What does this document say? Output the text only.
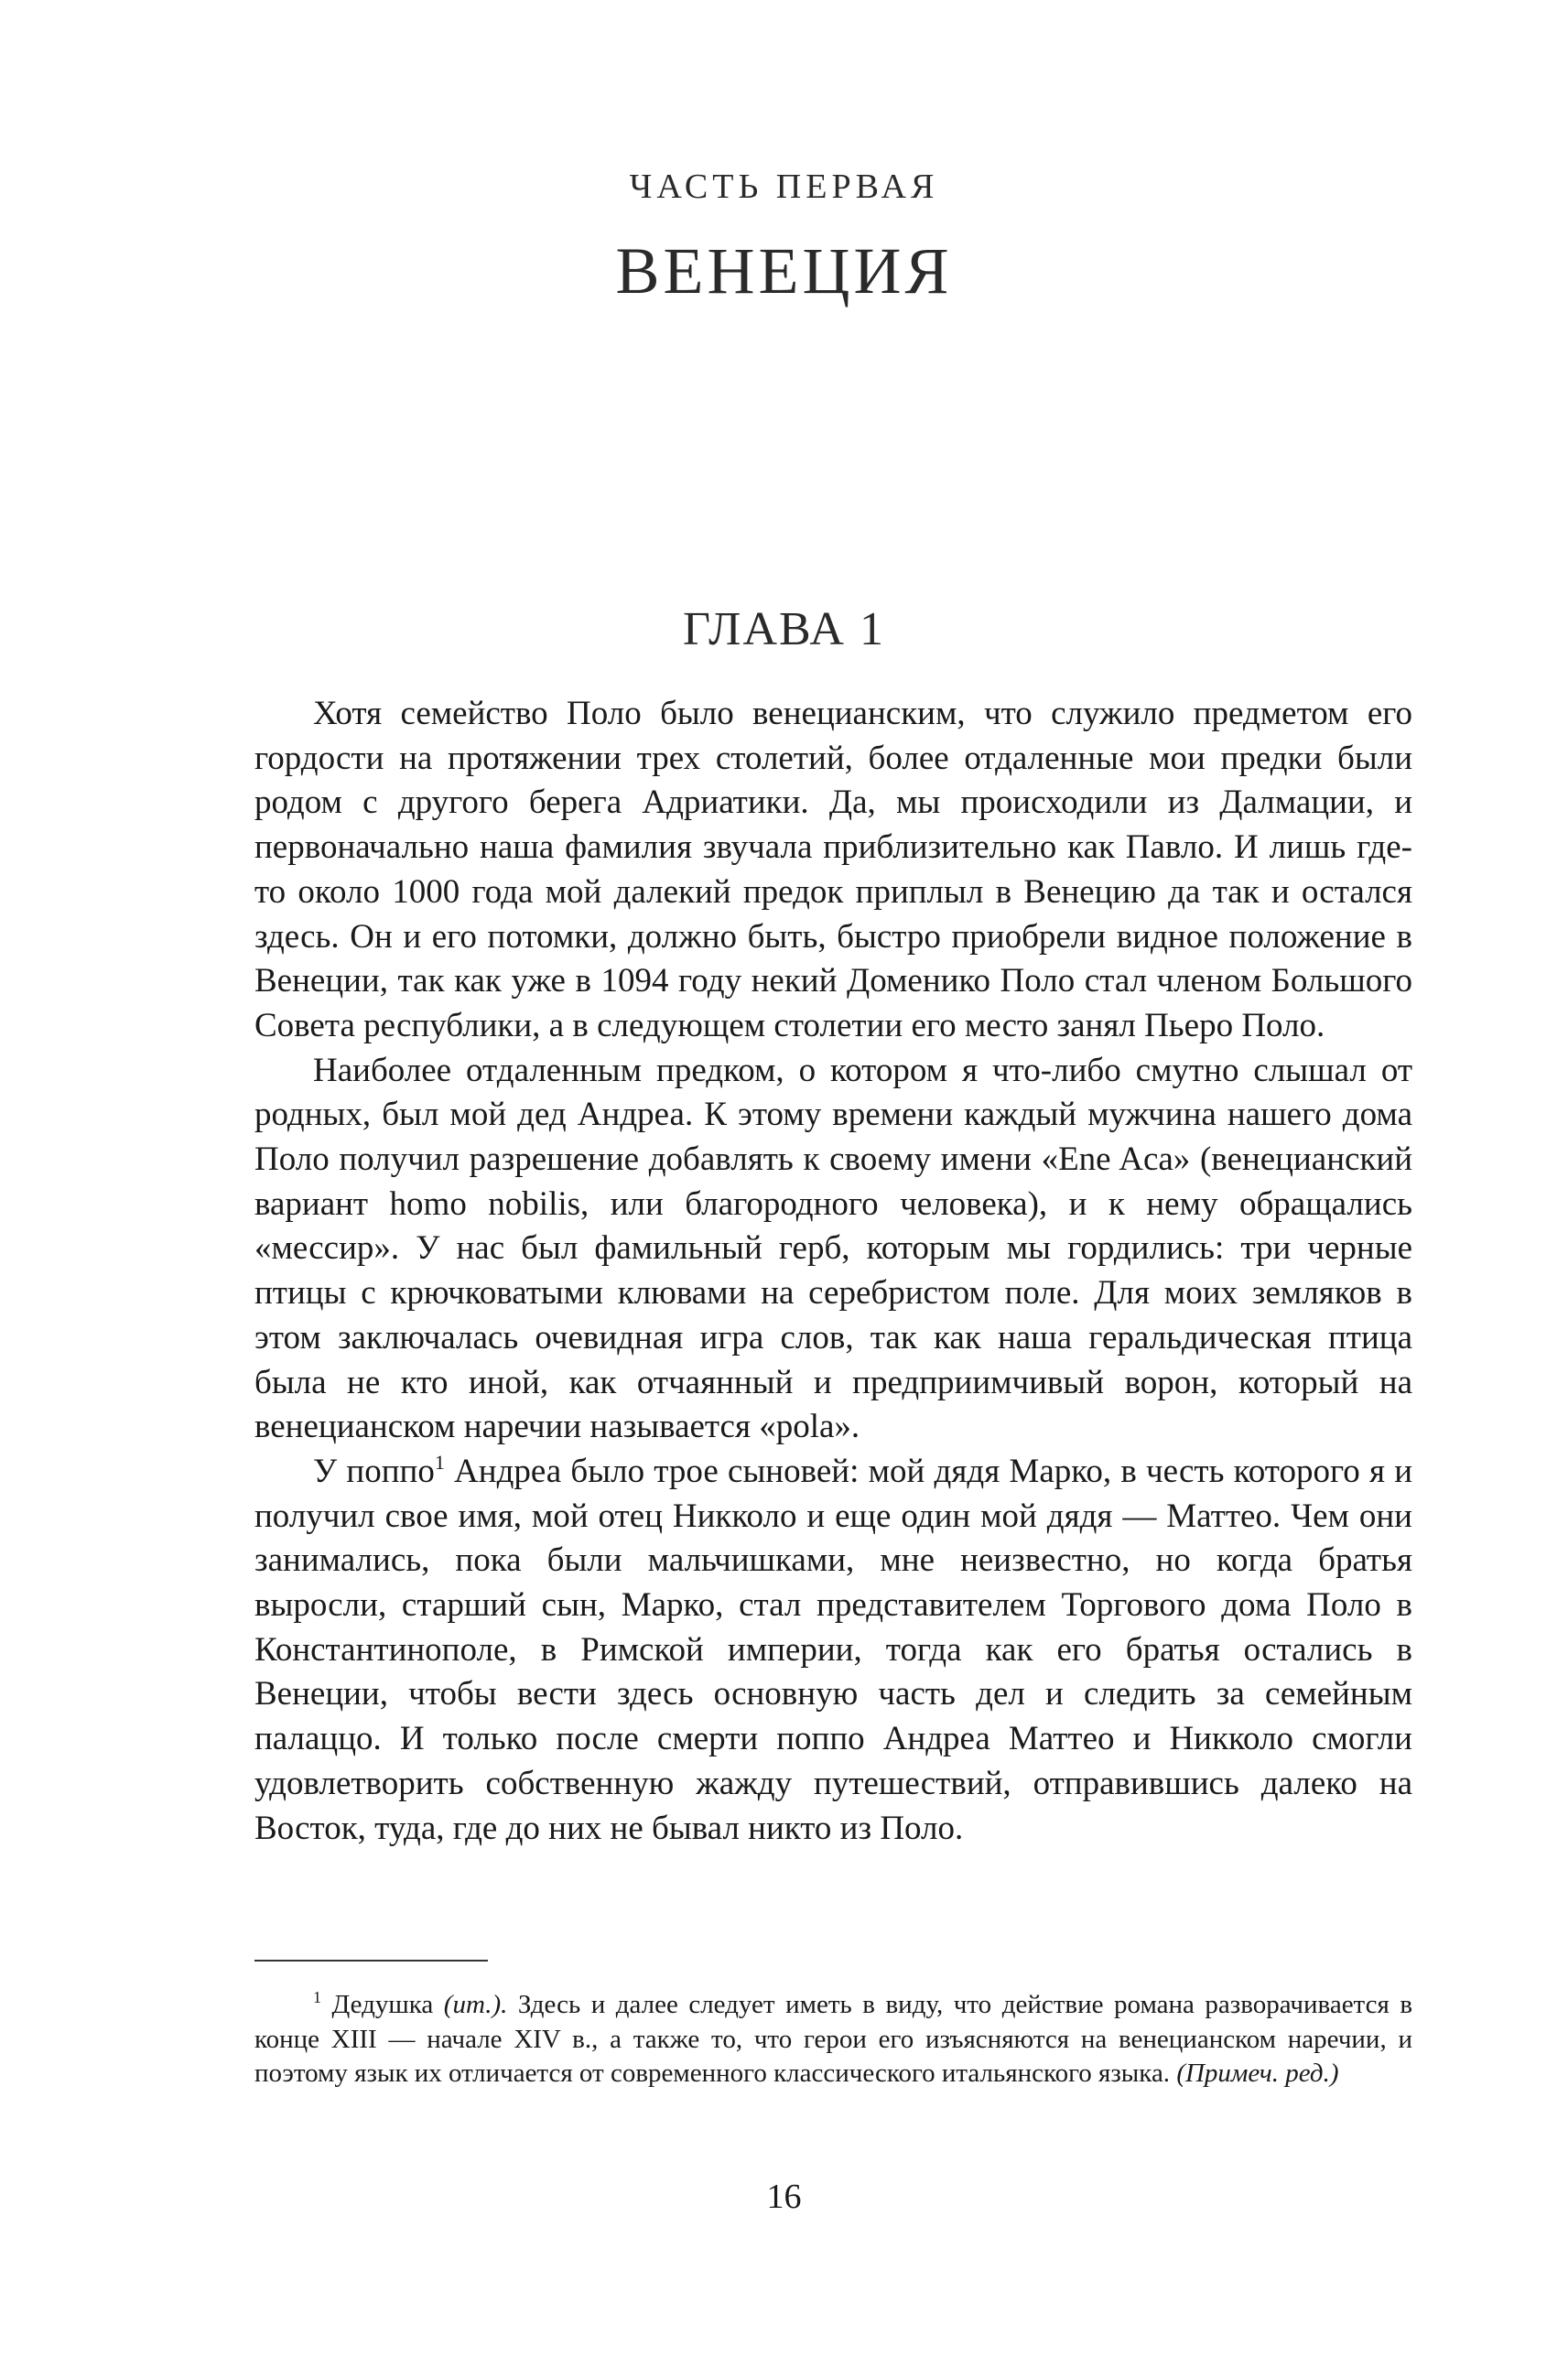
ЧАСТЬ ПЕРВАЯ
ВЕНЕЦИЯ
ГЛАВА 1

Хотя семейство Поло было венецианским, что служило предметом его гордости на протяжении трех столетий, более отдаленные мои предки были родом с другого берега Адриатики. Да, мы происходили из Далмации, и первоначально наша фамилия звучала приблизительно как Павло. И лишь где-то около 1000 года мой далекий предок приплыл в Венецию да так и остался здесь. Он и его потомки, должно быть, быстро приобрели видное положение в Венеции, так как уже в 1094 году некий Доменико Поло стал членом Большого Совета республики, а в следующем столетии его место занял Пьеро Поло.

Наиболее отдаленным предком, о котором я что-либо смутно слышал от родных, был мой дед Андреа. К этому времени каждый мужчина нашего дома Поло получил разрешение добавлять к своему имени «Ene Aca» (венецианский вариант homo nobilis, или благородного человека), и к нему обращались «мессир». У нас был фамильный герб, которым мы гордились: три черные птицы с крючковатыми клювами на серебристом поле. Для моих земляков в этом заключалась очевидная игра слов, так как наша геральдическая птица была не кто иной, как отчаянный и предприимчивый ворон, который на венецианском наречии называется «pola».

У поппо$^1$ Андреа было трое сыновей: мой дядя Марко, в честь которого я и получил свое имя, мой отец Никколо и еще один мой дядя — Маттео. Чем они занимались, пока были мальчишками, мне неизвестно, но когда братья выросли, старший сын, Марко, стал представителем Торгового дома Поло в Константинополе, в Римской империи, тогда как его братья остались в Венеции, чтобы вести здесь основную часть дел и следить за семейным палаццо. И только после смерти поппо Андреа Маттео и Никколо смогли удовлетворить собственную жажду путешествий, отправившись далеко на Восток, туда, где до них не бывал никто из Поло.

$^1$ Дедушка (ит.). Здесь и далее следует иметь в виду, что действие романа разворачивается в конце XIII — начале XIV в., а также то, что герои его изъясняются на венецианском наречии, и поэтому язык их отличается от современного классического итальянского языка. (Примеч. ред.)

16
